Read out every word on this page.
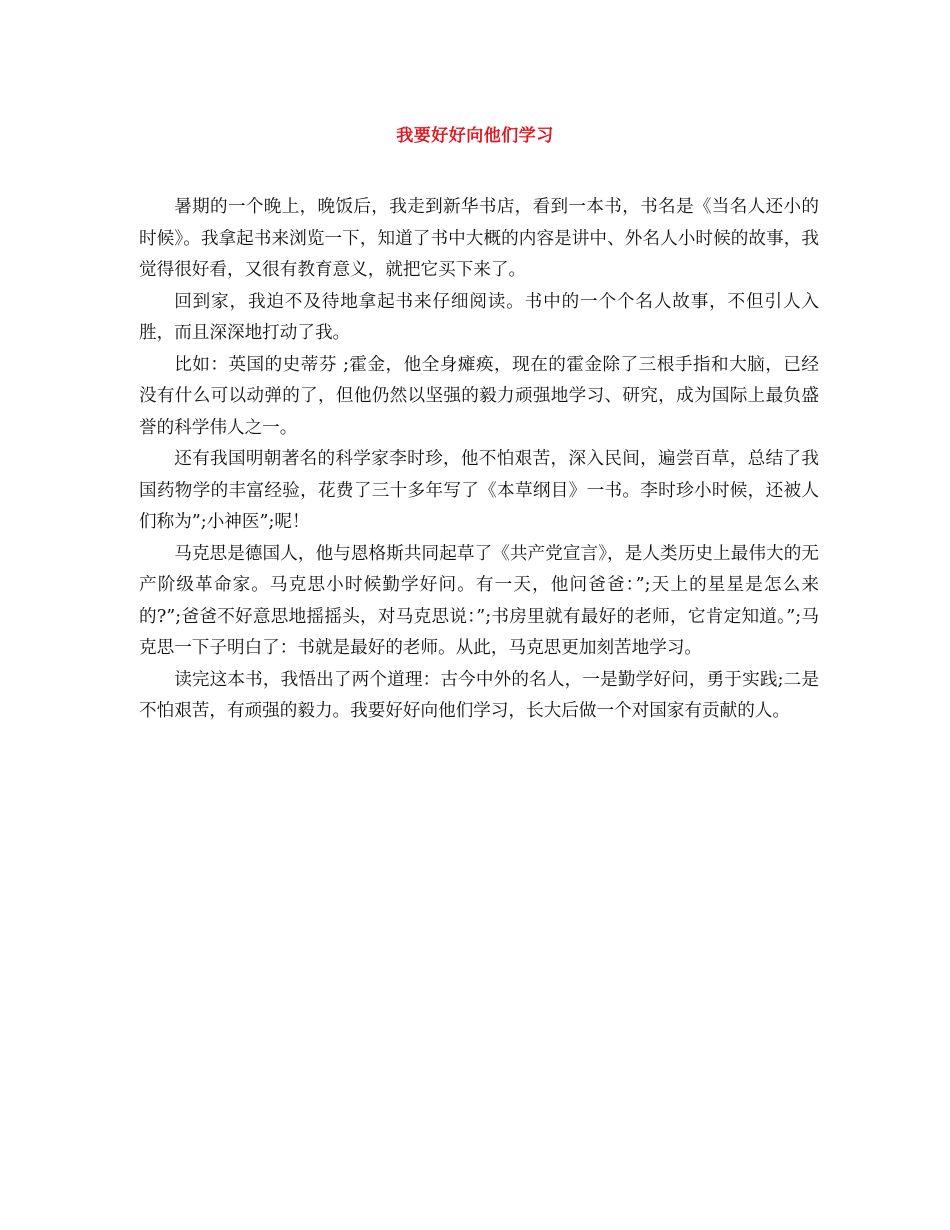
我要好好向他们学习

暑期的一个晚上，晚饭后，我走到新华书店，看到一本书，书名是《当名人还小的时候》。我拿起书来浏览一下，知道了书中大概的内容是讲中、外名人小时候的故事，我觉得很好看，又很有教育意义，就把它买下来了。

回到家，我迫不及待地拿起书来仔细阅读。书中的一个个名人故事，不但引人入胜，而且深深地打动了我。

比如：英国的史蒂芬 ;霍金，他全身瘫痪，现在的霍金除了三根手指和大脑，已经没有什么可以动弹的了，但他仍然以坚强的毅力顽强地学习、研究，成为国际上最负盛誉的科学伟人之一。

还有我国明朝著名的科学家李时珍，他不怕艰苦，深入民间，遍尝百草，总结了我国药物学的丰富经验，花费了三十多年写了《本草纲目》一书。李时珍小时候，还被人们称为”;小神医”;呢！

马克思是德国人，他与恩格斯共同起草了《共产党宣言》，是人类历史上最伟大的无产阶级革命家。马克思小时候勤学好问。有一天，他问爸爸：”;天上的星星是怎么来的?”;爸爸不好意思地摇摇头，对马克思说：”;书房里就有最好的老师，它肯定知道。”;马克思一下子明白了：书就是最好的老师。从此，马克思更加刻苦地学习。

读完这本书，我悟出了两个道理：古今中外的名人，一是勤学好问，勇于实践;二是不怕艰苦，有顽强的毅力。我要好好向他们学习，长大后做一个对国家有贡献的人。
